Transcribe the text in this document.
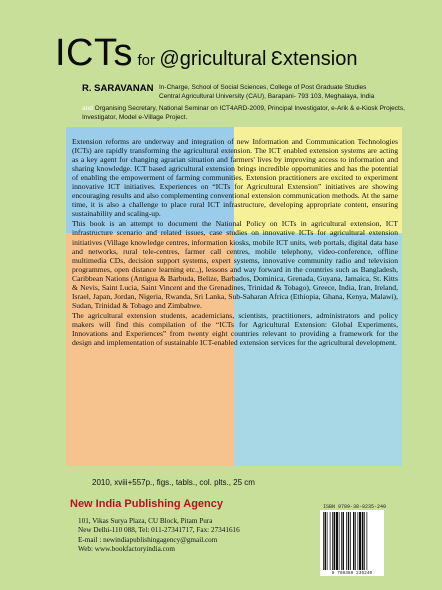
ICTs for @gricultural Ɛxtension
R. SARAVANAN In-Charge, School of Social Sciences, College of Post Graduate Studies
Central Agricultural University (CAU), Barapani- 793 103, Meghalaya, India
and Organising Secretary, National Seminar on ICT4ARD-2009, Principal Investigator, e-Arik & e-Kiosk Projects, Investigator, Model e-Village Project.

Extension reforms are underway and integration of new Information and Communication Technologies (ICTs) are rapidly transforming the agricultural extension. The ICT enabled extension systems are acting as a key agent for changing agrarian situation and farmers' lives by improving access to information and sharing knowledge. ICT based agricultural extension brings incredible opportunities and has the potential of enabling the empowerment of farming communities. Extension practitioners are excited to experiment innovative ICT initiatives. Experiences on “ICTs for Agricultural Extension” initiatives are showing encouraging results and also complementing conventional extension communication methods. At the same time, it is also a challenge to place rural ICT infrastructure, developing appropriate content, ensuring sustainability and scaling-up.

This book is an attempt to document the National Policy on ICTs in agricultural extension, ICT infrastructure scenario and related issues, case studies on innovative ICTs for agricultural extension initiatives (Village knowledge centres, information kiosks, mobile ICT units, web portals, digital data base and networks, rural tele-centres, farmer call centres, mobile telephony, video-conference, offline multimedia CDs, decision support systems, expert systems, innovative community radio and television programmes, open distance learning etc.,), lessons and way forward in the countries such as Bangladesh, Caribbean Nations (Antigua & Barbuda, Belize, Barbados, Dominica, Grenada, Guyana, Jamaica, St. Kitts & Nevis, Saint Lucia, Saint Vincent and the Grenadines, Trinidad & Tobago), Greece, India, Iran, Ireland, Israel, Japan, Jordan, Nigeria, Rwanda, Sri Lanka, Sub-Saharan Africa (Ethiopia, Ghana, Kenya, Malawi), Sudan, Trinidad & Tobago and Zimbabwe.

The agricultural extension students, academicians, scientists, practitioners, administrators and policy makers will find this compilation of the “ICTs for Agricultural Extension: Global Experiments, Innovations and Experiences” from twenty eight countries relevant to providing a framework for the design and implementation of sustainable ICT-enabled extension services for the agricultural development.

2010, xviii+557p., figs., tabls., col. plts., 25 cm
New India Publishing Agency
101, Vikas Surya Plaza, CU Block, Pitam Pura
New Delhi-110 088, Tel: 011-27341717, Fax: 27341616
E-mail : newindiapublishingagency@gmail.com
Web: www.bookfactoryindia.com
ISBN 9789-38-0235-240
9 789380 235240
